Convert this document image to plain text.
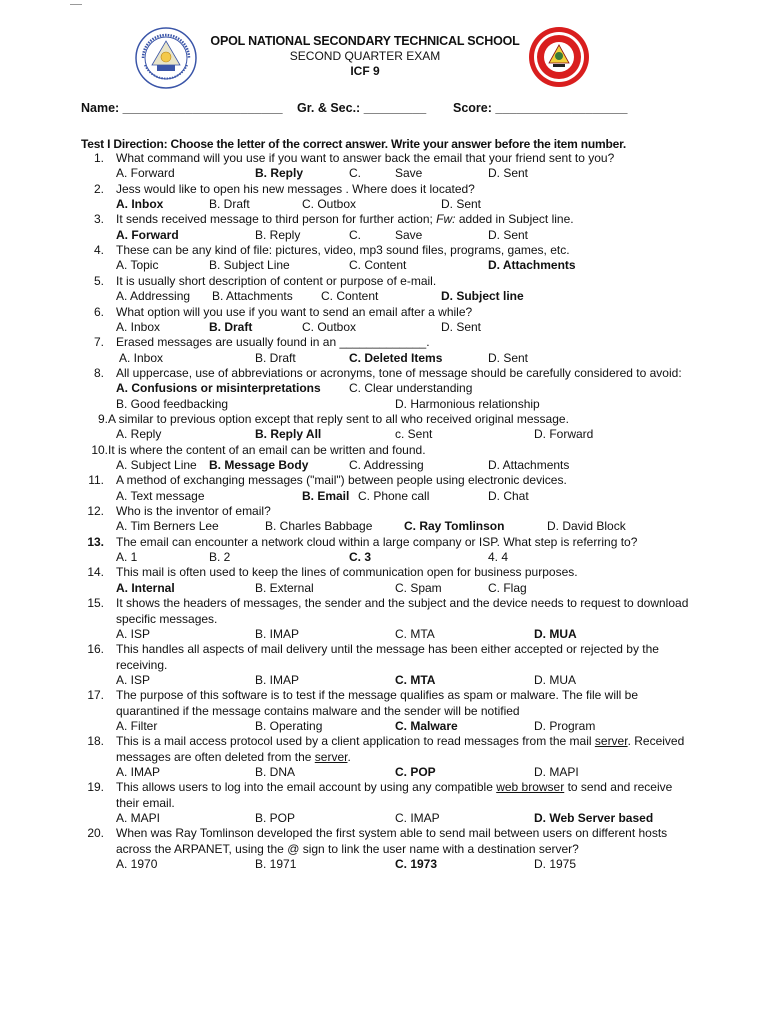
OPOL NATIONAL SECONDARY TECHNICAL SCHOOL
SECOND QUARTER EXAM
ICF 9

Name: _______________________

Gr. & Sec.: _________

Score: ___________________

Test I Direction: Choose the letter of the correct answer. Write your answer before the item number.
1. What command will you use if you want to answer back the email that your friend sent to you?
A. Forward	B. Reply	C.	Save	D. Sent
2. Jess would like to open his new messages . Where does it located?
A. Inbox	B. Draft	C. Outbox	D. Sent
3. It sends received message to third person for further action; Fw: added in Subject line.
A. Forward	B. Reply	C.	Save	D. Sent
4. These can be any kind of file: pictures, video, mp3 sound files, programs, games, etc.
A. Topic	B. Subject Line	C. Content	D. Attachments
5. It is usually short description of content or purpose of e-mail.
A. Addressing B. Attachments C. Content	D. Subject line
6. What option will you use if you want to send an email after a while?
A. Inbox	B. Draft	C. Outbox	D. Sent
7. Erased messages are usually found in an _____________.
A. Inbox	B. Draft	C. Deleted Items	D. Sent
8. All uppercase, use of abbreviations or acronyms, tone of message should be carefully considered to avoid:
A. Confusions or misinterpretations C. Clear understanding
B. Good feedbacking	D. Harmonious relationship
9. A similar to previous option except that reply sent to all who received original message.
A. Reply	B. Reply All	c. Sent	D. Forward
10. It is where the content of an email can be written and found.
A. Subject Line B. Message Body	C. Addressing	D. Attachments
11. A method of exchanging messages ("mail") between people using electronic devices.
A. Text message	B. Email C. Phone call	D. Chat
12. Who is the inventor of email?
A. Tim Berners Lee	B. Charles Babbage	C. Ray Tomlinson	D. David Block
13. The email can encounter a network cloud within a large company or ISP. What step is referring to?
A. 1	B. 2	C. 3	4. 4
14. This mail is often used to keep the lines of communication open for business purposes.
A. Internal	B. External	C. Spam	C. Flag
15. It shows the headers of messages, the sender and the subject and the device needs to request to download
specific messages.
A. ISP	B. IMAP	C. MTA	D. MUA
16. This handles all aspects of mail delivery until the message has been either accepted or rejected by the
receiving.
A. ISP	B. IMAP	C. MTA	D. MUA
17. The purpose of this software is to test if the message qualifies as spam or malware. The file will be
quarantined if the message contains malware and the sender will be notified
A. Filter	B. Operating	C. Malware	D. Program
18. This is a mail access protocol used by a client application to read messages from the mail server. Received
messages are often deleted from the server.
A. IMAP	B. DNA	C. POP	D. MAPI
19. This allows users to log into the email account by using any compatible web browser to send and receive
their email.
A. MAPI	B. POP	C. IMAP	D. Web Server based
20. When was Ray Tomlinson developed the first system able to send mail between users on different hosts
across the ARPANET, using the @ sign to link the user name with a destination server?
A. 1970	B. 1971	C. 1973	D. 1975
